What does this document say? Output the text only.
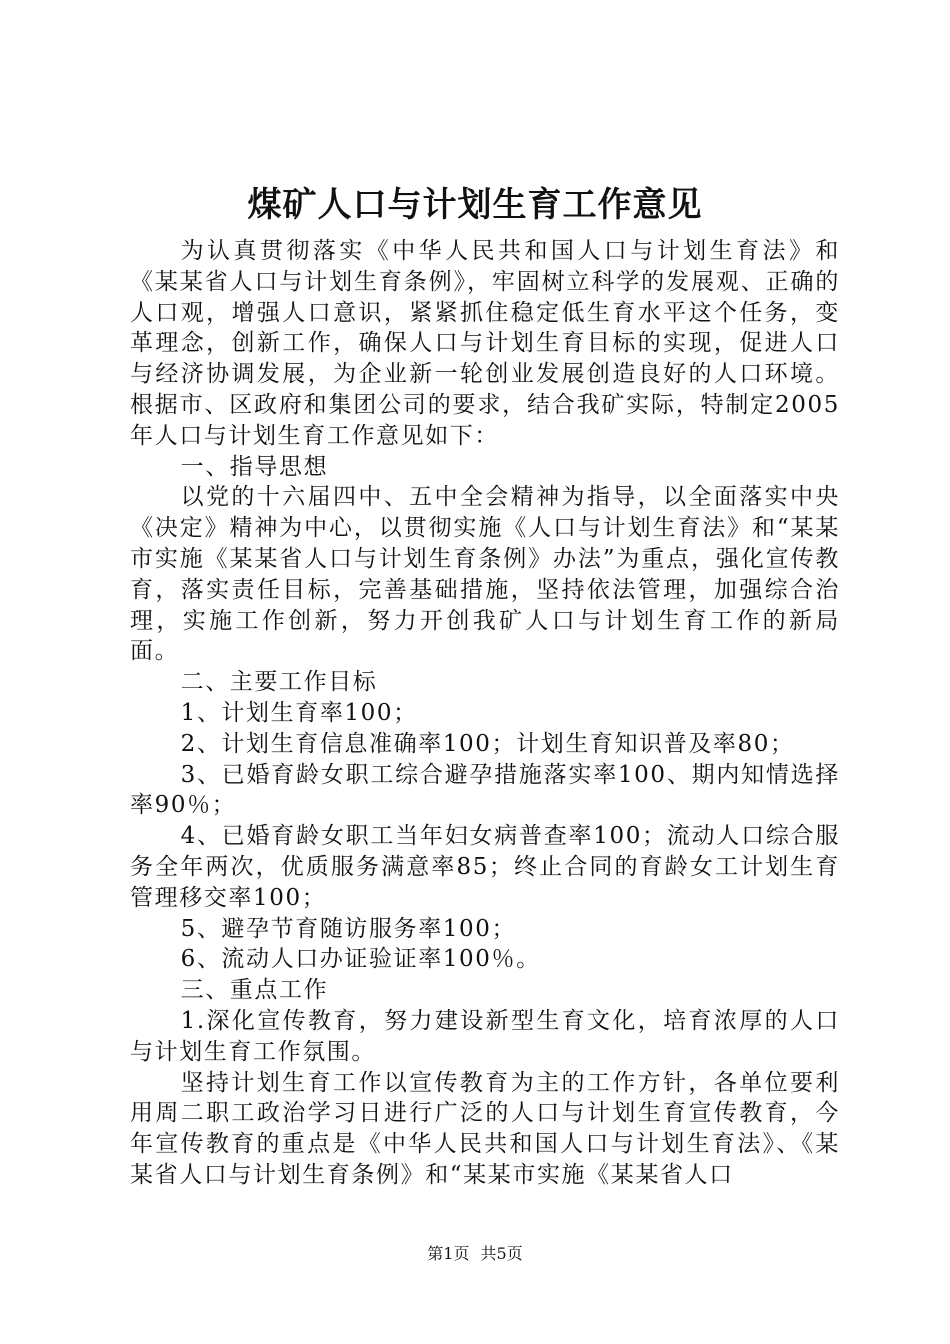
煤矿人口与计划生育工作意见

为认真贯彻落实《中华人民共和国人口与计划生育法》和《某某省人口与计划生育条例》，牢固树立科学的发展观、正确的人口观，增强人口意识，紧紧抓住稳定低生育水平这个任务，变革理念，创新工作，确保人口与计划生育目标的实现，促进人口与经济协调发展，为企业新一轮创业发展创造良好的人口环境。根据市、区政府和集团公司的要求，结合我矿实际，特制定2005年人口与计划生育工作意见如下：

一、指导思想

以党的十六届四中、五中全会精神为指导，以全面落实中央《决定》精神为中心，以贯彻实施《人口与计划生育法》和“某某市实施《某某省人口与计划生育条例》办法”为重点，强化宣传教育，落实责任目标，完善基础措施，坚持依法管理，加强综合治理，实施工作创新，努力开创我矿人口与计划生育工作的新局面。

二、主要工作目标

1、计划生育率100；

2、计划生育信息准确率100；计划生育知识普及率80；

3、已婚育龄女职工综合避孕措施落实率100、期内知情选择率90％；

4、已婚育龄女职工当年妇女病普查率100；流动人口综合服务全年两次，优质服务满意率85；终止合同的育龄女工计划生育管理移交率100；

5、避孕节育随访服务率100；

6、流动人口办证验证率100％。

三、重点工作

1.深化宣传教育，努力建设新型生育文化，培育浓厚的人口与计划生育工作氛围。

坚持计划生育工作以宣传教育为主的工作方针，各单位要利用周二职工政治学习日进行广泛的人口与计划生育宣传教育，今年宣传教育的重点是《中华人民共和国人口与计划生育法》、《某某省人口与计划生育条例》和“某某市实施《某某省人口

第1页 共5页
